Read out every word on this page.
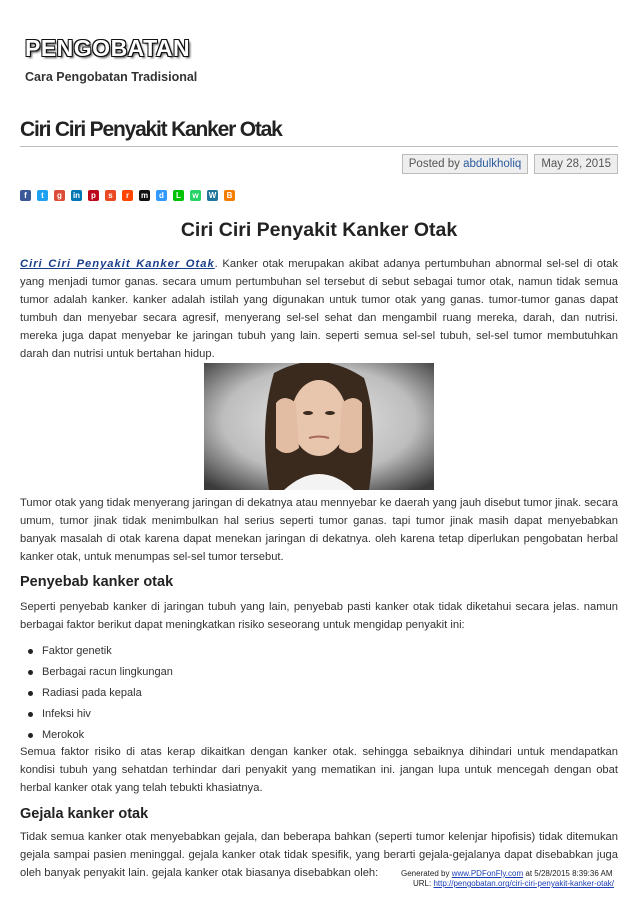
PENGOBATAN
Cara Pengobatan Tradisional
Ciri Ciri Penyakit Kanker Otak
Posted by abdulkholiq	May 28, 2015
f	t	g	in	p	s	r	m	d	L	w W	B
Ciri Ciri Penyakit Kanker Otak

Ciri Ciri Penyakit Kanker Otak. Kanker otak merupakan akibat adanya pertumbuhan abnormal sel-sel di otak yang menjadi tumor ganas. secara umum pertumbuhan sel tersebut di sebut sebagai tumor otak, namun tidak semua tumor adalah kanker. kanker adalah istilah yang digunakan untuk tumor otak yang ganas. tumor-tumor ganas dapat tumbuh dan menyebar secara agresif, menyerang sel-sel sehat dan mengambil ruang mereka, darah, dan nutrisi. mereka juga dapat menyebar ke jaringan tubuh yang lain. seperti semua sel-sel tubuh, sel-sel tumor membutuhkan darah dan nutrisi untuk bertahan hidup.

Tumor otak yang tidak menyerang jaringan di dekatnya atau mennyebar ke daerah yang jauh disebut tumor jinak. secara umum, tumor jinak tidak menimbulkan hal serius seperti tumor ganas. tapi tumor jinak masih dapat menyebabkan banyak masalah di otak karena dapat menekan jaringan di dekatnya. oleh karena tetap diperlukan pengobatan herbal kanker otak, untuk menumpas sel-sel tumor tersebut.

Penyebab kanker otak

Seperti penyebab kanker di jaringan tubuh yang lain, penyebab pasti kanker otak tidak diketahui secara jelas. namun berbagai faktor berikut dapat meningkatkan risiko seseorang untuk mengidap penyakit ini:

Faktor genetik
Berbagai racun lingkungan
Radiasi pada kepala
Infeksi hiv
Merokok

Semua faktor risiko di atas kerap dikaitkan dengan kanker otak. sehingga sebaiknya dihindari untuk mendapatkan kondisi tubuh yang sehatdan terhindar dari penyakit yang mematikan ini. jangan lupa untuk mencegah dengan obat herbal kanker otak yang telah tebukti khasiatnya.

Gejala kanker otak

Tidak semua kanker otak menyebabkan gejala, dan beberapa bahkan (seperti tumor kelenjar hipofisis) tidak ditemukan gejala sampai pasien meninggal. gejala kanker otak tidak spesifik, yang berarti gejala-gejalanya dapat disebabkan juga oleh banyak penyakit lain. gejala kanker otak biasanya disebabkan oleh:	Generated by www.PDFonFly.com at 5/28/2015 8:39:36 AM
URL: http://pengobatan.org/ciri-ciri-penyakit-kanker-otak/
